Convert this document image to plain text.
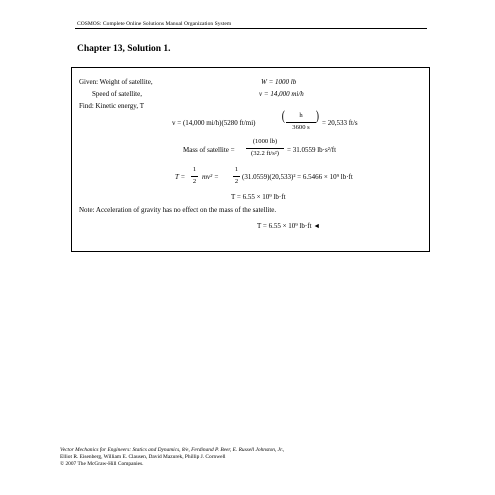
COSMOS: Complete Online Solutions Manual Organization System
Chapter 13, Solution 1.
Given: Weight of satellite,	W = 1000 lb
Speed of satellite,	v = 14,000 mi/h
Find: Kinetic energy, T
v = (14,000 mi/h)(5280 ft/mi) (	h
3600 s
) = 20,533 ft/s
Mass of satellite =
(1000 lb)
(32.2 ft/s²)	= 31.0559 lb·s²/ft
T =
1
2
mv² =
1
2
(31.0559)(20,533)² = 6.5466 × 10⁹ lb·ft
T = 6.55 × 10⁹ lb·ft
Note: Acceleration of gravity has no effect on the mass of the satellite.
T = 6.55 × 10⁹ lb·ft ◄
Vector Mechanics for Engineers: Statics and Dynamics, 8/e, Ferdinand P. Beer, E. Russell Johnston, Jr.,
Elliot R. Eisenberg, William E. Clausen, David Mazurek, Phillip J. Cornwell
© 2007 The McGraw-Hill Companies.
